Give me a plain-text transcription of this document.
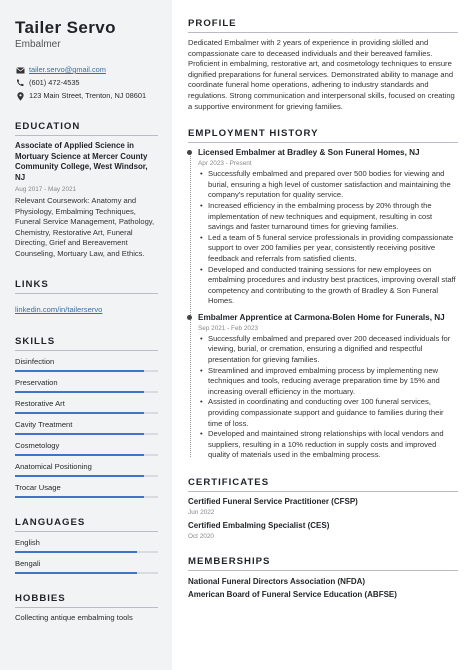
Tailer Servo
Embalmer
tailer.servo@gmail.com
(601) 472-4535
123 Main Street, Trenton, NJ 08601
EDUCATION
Associate of Applied Science in Mortuary Science at Mercer County Community College, West Windsor, NJ
Aug 2017 - May 2021
Relevant Coursework: Anatomy and Physiology, Embalming Techniques, Funeral Service Management, Pathology, Chemistry, Restorative Art, Funeral Directing, Grief and Bereavement Counseling, Mortuary Law, and Ethics.
LINKS
linkedin.com/in/tailerservo
SKILLS
Disinfection
Preservation
Restorative Art
Cavity Treatment
Cosmetology
Anatomical Positioning
Trocar Usage
LANGUAGES
English
Bengali
HOBBIES
Collecting antique embalming tools
PROFILE
Dedicated Embalmer with 2 years of experience in providing skilled and compassionate care to deceased individuals and their bereaved families. Proficient in embalming, restorative art, and cosmetology techniques to ensure dignified preparations for funeral services. Demonstrated ability to manage and coordinate funeral home operations, adhering to industry standards and regulations. Strong communication and interpersonal skills, focused on creating a supportive environment for grieving families.
EMPLOYMENT HISTORY
Licensed Embalmer at Bradley & Son Funeral Homes, NJ
Apr 2023 - Present
• Successfully embalmed and prepared over 500 bodies for viewing and burial, ensuring a high level of customer satisfaction and maintaining the company's reputation for quality service.
• Increased efficiency in the embalming process by 20% through the implementation of new techniques and equipment, resulting in cost savings and faster turnaround times for grieving families.
• Led a team of 5 funeral service professionals in providing compassionate support to over 200 families per year, consistently receiving positive feedback and referrals from satisfied clients.
• Developed and conducted training sessions for new employees on embalming procedures and industry best practices, improving overall staff competency and contributing to the growth of Bradley & Son Funeral Homes.
Embalmer Apprentice at Carmona-Bolen Home for Funerals, NJ
Sep 2021 - Feb 2023
• Successfully embalmed and prepared over 200 deceased individuals for viewing, burial, or cremation, ensuring a dignified and respectful presentation for grieving families.
• Streamlined and improved embalming process by implementing new techniques and tools, reducing average preparation time by 15% and increasing overall efficiency in the mortuary.
• Assisted in coordinating and conducting over 100 funeral services, providing compassionate support and guidance to families during their time of loss.
• Developed and maintained strong relationships with local vendors and suppliers, resulting in a 10% reduction in supply costs and improved quality of materials used in the embalming process.
CERTIFICATES
Certified Funeral Service Practitioner (CFSP)
Jun 2022
Certified Embalming Specialist (CES)
Oct 2020
MEMBERSHIPS
National Funeral Directors Association (NFDA)
American Board of Funeral Service Education (ABFSE)
